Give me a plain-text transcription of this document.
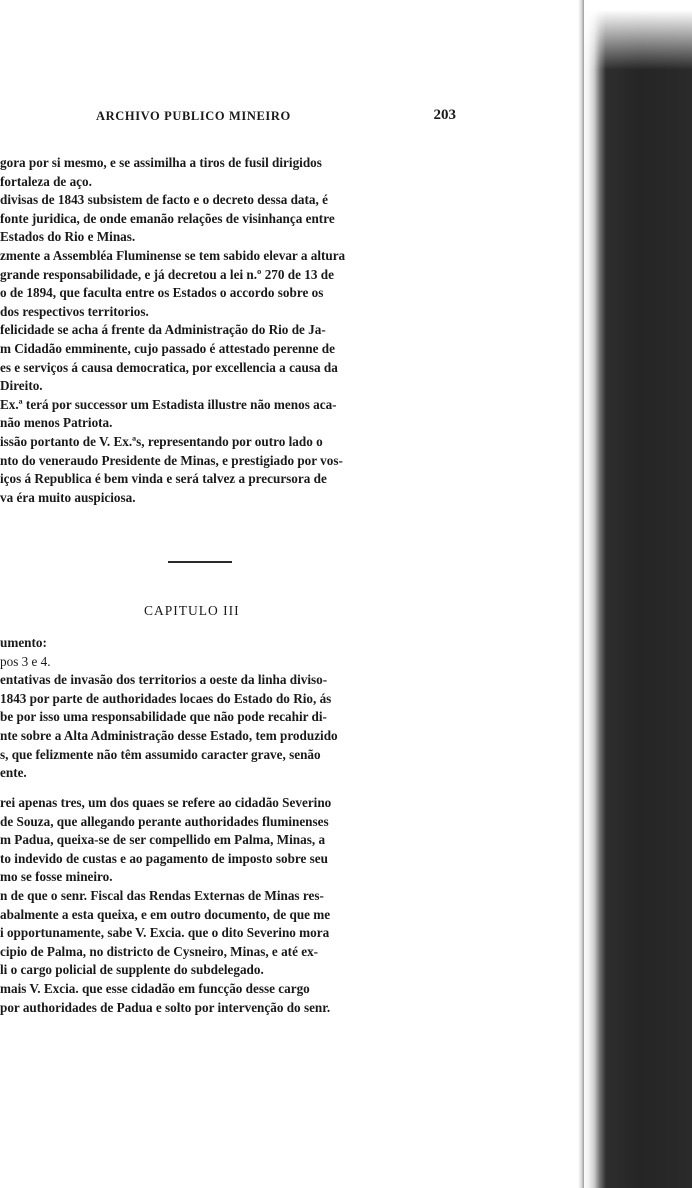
ARCHIVO PUBLICO MINEIRO	203
gora por si mesmo, e se assimilha a tiros de fusil dirigidos
fortaleza de aço.
divisas de 1843 subsistem de facto e o decreto dessa data, é
fonte juridica, de onde emanão relações de visinhança entre
Estados do Rio e Minas.
zmente a Assembléa Fluminense se tem sabido elevar a altura
grande responsabilidade, e já decretou a lei n.º 270 de 13 de
o de 1894, que faculta entre os Estados o accordo sobre os
dos respectivos territorios.
felicidade se acha á frente da Administração do Rio de Ja-
m Cidadão emminente, cujo passado é attestado perenne de
es e serviços á causa democratica, por excellencia a causa da
Direito.
Ex.ª terá por successor um Estadista illustre não menos aca-
não menos Patriota.
issão portanto de V. Ex.ªs, representando por outro lado o
nto do veneraudo Presidente de Minas, e prestigiado por vos-
iços á Republica é bem vinda e será talvez a precursora de
va éra muito auspiciosa.
CAPITULO III
umento:
pos 3 e 4.
entativas de invasão dos territorios a oeste da linha diviso-
1843 por parte de authoridades locaes do Estado do Rio, ás
be por isso uma responsabilidade que não pode recahir di-
nte sobre a Alta Administração desse Estado, tem produzido
s, que felizmente não têm assumido caracter grave, senão
ente.
rei apenas tres, um dos quaes se refere ao cidadão Severino
de Souza, que allegando perante authoridades fluminenses
m Padua, queixa-se de ser compellido em Palma, Minas, a
to indevido de custas e ao pagamento de imposto sobre seu
mo se fosse mineiro.
n de que o senr. Fiscal das Rendas Externas de Minas res-
abalmente a esta queixa, e em outro documento, de que me
i opportunamente, sabe V. Excia. que o dito Severino mora
cipio de Palma, no districto de Cysneiro, Minas, e até ex-
li o cargo policial de supplente do subdelegado.
mais V. Excia. que esse cidadão em funcção desse cargo
por authoridades de Padua e solto por intervenção do senr.
